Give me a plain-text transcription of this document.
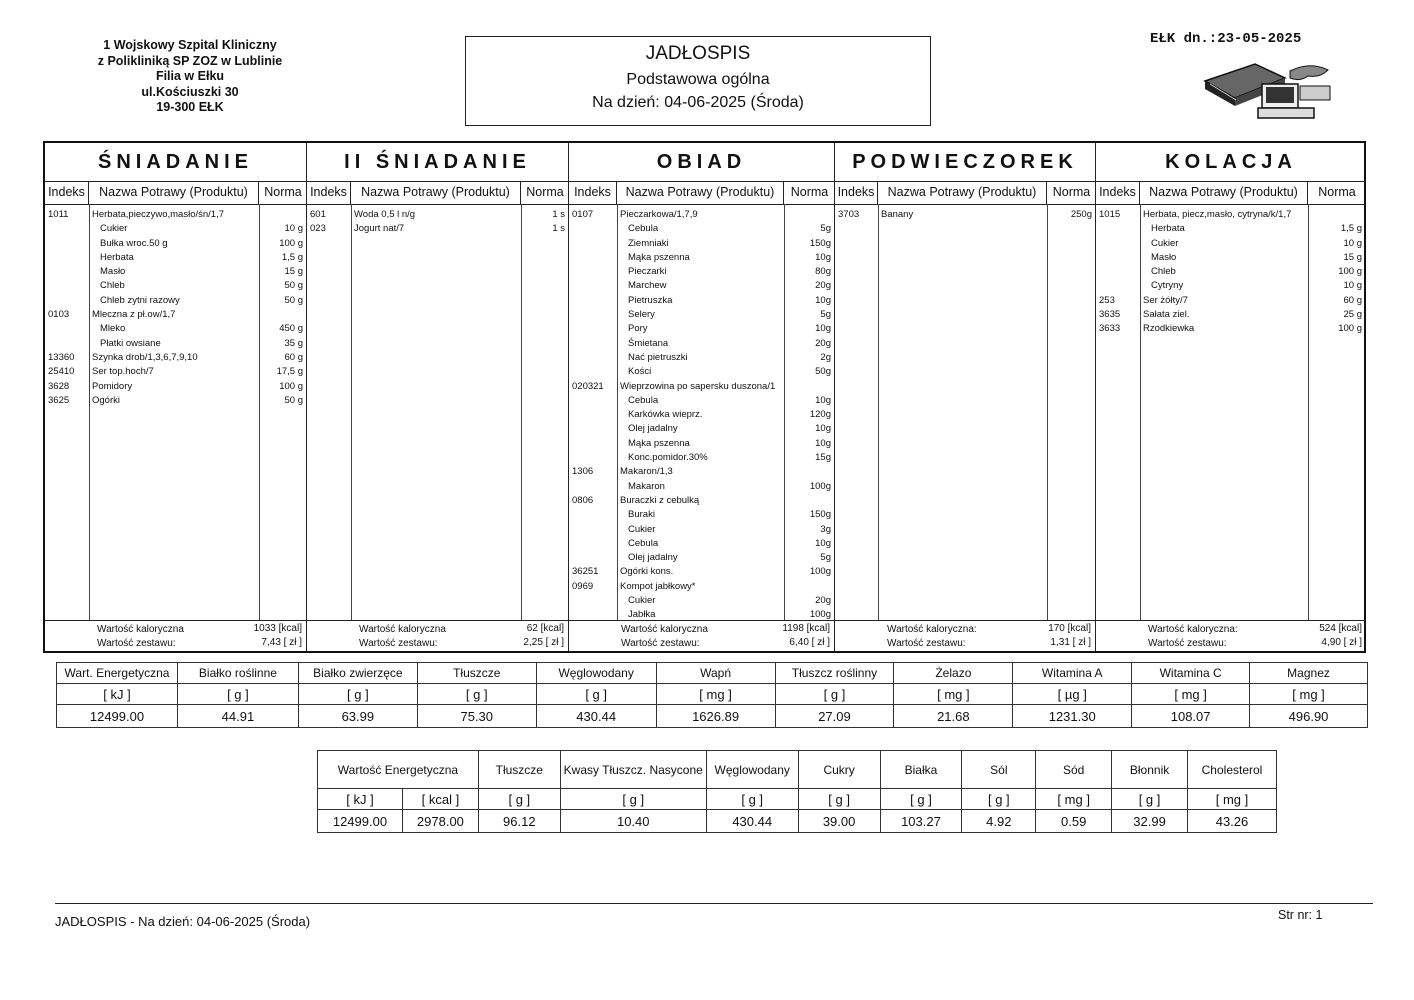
1 Wojskowy Szpital Kliniczny
z Polikliniką SP ZOZ w Lublinie
Filia w Ełku
ul.Kościuszki 30
19-300 EŁK
JADŁOSPIS
Podstawowa ogólna
Na dzień: 04-06-2025 (Środa)
EŁK dn.:23-05-2025
ŚNIADANIE
Indeks	Nazwa Potrawy (Produktu)	Norma
1011 Herbata,pieczywo,masło/śn/1,7
Cukier	10 g
Bułka wroc.50 g	100 g
Herbata	1,5 g
Masło	15 g
Chleb	50 g
Chleb zytni razowy	50 g
0103 Mleczna z pł.ow/1,7
Mleko	450 g
Płatki owsiane	35 g
13360 Szynka drob/1,3,6,7,9,10	60 g
25410 Ser top.hoch/7	17,5 g
3628 Pomidory	100 g
3625 Ogórki	50 g
Wartość kaloryczna	1033 [kcal]
Wartość zestawu:	7,43 [ zł ]
II ŚNIADANIE
Indeks	Nazwa Potrawy (Produktu)	Norma
601	Woda 0,5 l n/g	1 s
023	Jogurt nat/7	1 s
Wartość kaloryczna	62 [kcal]
Wartość zestawu:	2,25 [ zł ]
OBIAD
Indeks	Nazwa Potrawy (Produktu)	Norma
0107	Pieczarkowa/1,7,9
Cebula	5g
Ziemniaki	150g
Mąka pszenna	10g
Pieczarki	80g
Marchew	20g
Pietruszka	10g
Selery	5g
Pory	10g
Śmietana	20g
Nać pietruszki	2g
Kości	50g
020321 Wieprzowina po sapersku duszona/1
Cebula	10g
Karkówka wieprz.	120g
Olej jadalny	10g
Mąka pszenna	10g
Konc.pomidor.30%	15g
1306	Makaron/1,3
Makaron	100g
0806	Buraczki z cebulką
Buraki	150g
Cukier	3g
Cebula	10g
Olej jadalny	5g
36251 Ogórki kons.	100g
0969	Kompot jabłkowy*
Cukier	20g
Jabłka	100g
Wartość kaloryczna	1198 [kcal]
Wartość zestawu:	6,40 [ zł ]
PODWIECZOREK
Indeks	Nazwa Potrawy (Produktu)	Norma
3703 Banany	250g
Wartość kaloryczna:	170 [kcal]
Wartość zestawu:	1,31 [ zł ]
KOLACJA
Indeks	Nazwa Potrawy (Produktu)	Norma
1015 Herbata, piecz,masło, cytryna/k/1,7
Herbata	1,5 g
Cukier	10 g
Masło	15 g
Chleb	100 g
Cytryny	10 g
253	Ser żółty/7	60 g
3635 Sałata ziel.	25 g
3633 Rzodkiewka	100 g
Wartość kaloryczna:	524 [kcal]
Wartość zestawu:	4,90 [ zł ]
Wart. Energetyczna	Białko roślinne	Białko zwierzęce	Tłuszcze	Węglowodany	Wapń	Tłuszcz roślinny	Żelazo	Witamina A	Witamina C	Magnez
[ kJ ]	[ g ]	[ g ]	[ g ]	[ g ]	[ mg ]	[ g ]	[ mg ]	[ µg ]	[ mg ]	[ mg ]
12499.00	44.91	63.99	75.30	430.44	1626.89	27.09	21.68	1231.30	108.07	496.90
Wartość Energetyczna		Tłuszcze	Kwasy Tłuszcz. Nasycone	Węglowodany	Cukry	Białka	Sól	Sód	Błonnik	Cholesterol
[ kJ ]	[ kcal ]	[ g ]	[ g ]	[ g ]	[ g ]	[ g ]	[ g ]	[ mg ]	[ g ]	[ mg ]
12499.00	2978.00	96.12	10.40	430.44	39.00	103.27	4.92	0.59	32.99	43.26
JADŁOSPIS - Na dzień: 04-06-2025 (Środa)	Str nr: 1
